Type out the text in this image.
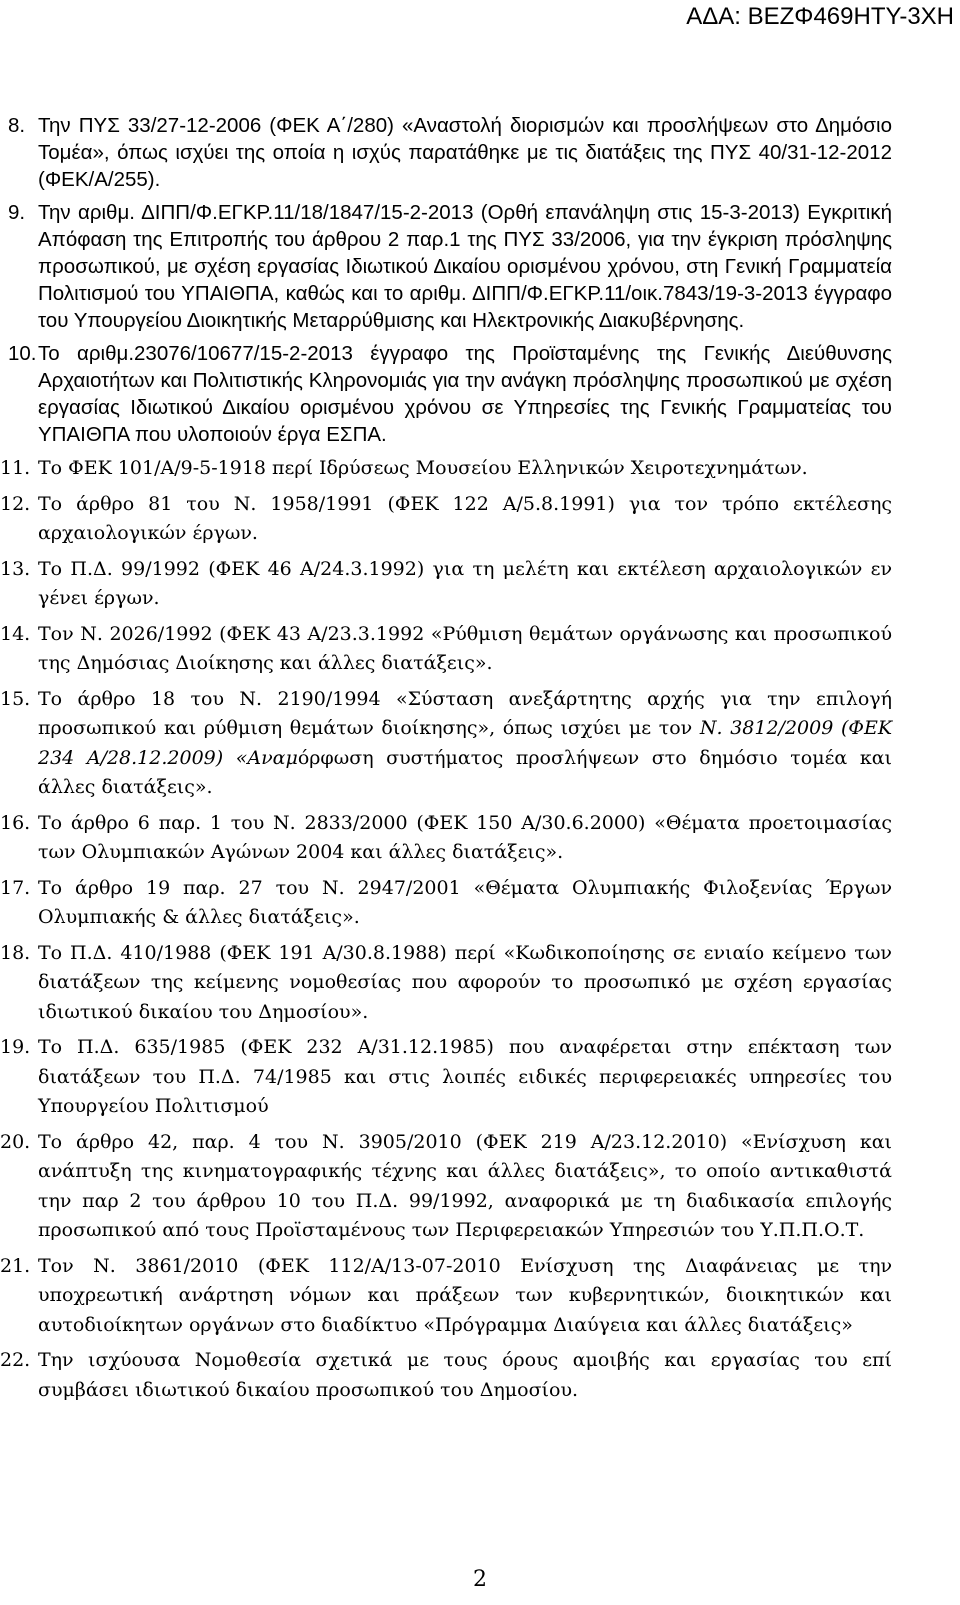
ΑΔΑ: ΒΕΖΦ469ΗΤΥ-3ΧΗ
8. Την ΠΥΣ 33/27-12-2006 (ΦΕΚ Α΄/280) «Αναστολή διορισμών και προσλήψεων στο Δημόσιο Τομέα», όπως ισχύει της οποία η ισχύς παρατάθηκε με τις διατάξεις της ΠΥΣ 40/31-12-2012 (ΦΕΚ/Α/255).
9. Την αριθμ. ΔΙΠΠ/Φ.ΕΓΚΡ.11/18/1847/15-2-2013 (Ορθή επανάληψη στις 15-3-2013) Εγκριτική Απόφαση της Επιτροπής του άρθρου 2 παρ.1 της ΠΥΣ 33/2006, για την έγκριση πρόσληψης προσωπικού, με σχέση εργασίας Ιδιωτικού Δικαίου ορισμένου χρόνου, στη Γενική Γραμματεία Πολιτισμού του ΥΠΑΙΘΠΑ, καθώς και το αριθμ. ΔΙΠΠ/Φ.ΕΓΚΡ.11/οικ.7843/19-3-2013 έγγραφο του Υπουργείου Διοικητικής Μεταρρύθμισης και Ηλεκτρονικής Διακυβέρνησης.
10.Το αριθμ.23076/10677/15-2-2013 έγγραφο της Προϊσταμένης της Γενικής Διεύθυνσης Αρχαιοτήτων και Πολιτιστικής Κληρονομιάς για την ανάγκη πρόσληψης προσωπικού με σχέση εργασίας Ιδιωτικού Δικαίου ορισμένου χρόνου σε Υπηρεσίες της Γενικής Γραμματείας του ΥΠΑΙΘΠΑ που υλοποιούν έργα ΕΣΠΑ.
11. Το ΦΕΚ 101/Α/9-5-1918 περί Ιδρύσεως Μουσείου Ελληνικών Χειροτεχνημάτων.
12. Το άρθρο 81 του Ν. 1958/1991 (ΦΕΚ 122 Α/5.8.1991) για τον τρόπο εκτέλεσης αρχαιολογικών έργων.
13. Το Π.Δ. 99/1992 (ΦΕΚ 46 Α/24.3.1992) για τη μελέτη και εκτέλεση αρχαιολογικών εν γένει έργων.
14. Τον Ν. 2026/1992 (ΦΕΚ 43 Α/23.3.1992 «Ρύθμιση θεμάτων οργάνωσης και προσωπικού της Δημόσιας Διοίκησης και άλλες διατάξεις».
15. Το άρθρο 18 του Ν. 2190/1994 «Σύσταση ανεξάρτητης αρχής για την επιλογή προσωπικού και ρύθμιση θεμάτων διοίκησης», όπως ισχύει με τον Ν. 3812/2009 (ΦΕΚ 234 Α/28.12.2009) «Αναμόρφωση συστήματος προσλήψεων στο δημόσιο τομέα και άλλες διατάξεις».
16. Το άρθρο 6 παρ. 1 του Ν. 2833/2000 (ΦΕΚ 150 Α/30.6.2000) «Θέματα προετοιμασίας των Ολυμπιακών Αγώνων 2004 και άλλες διατάξεις».
17. Το άρθρο 19 παρ. 27 του Ν. 2947/2001 «Θέματα Ολυμπιακής Φιλοξενίας Έργων Ολυμπιακής & άλλες διατάξεις».
18. Το Π.Δ. 410/1988 (ΦΕΚ 191 Α/30.8.1988) περί «Κωδικοποίησης σε ενιαίο κείμενο των διατάξεων της κείμενης νομοθεσίας που αφορούν το προσωπικό με σχέση εργασίας ιδιωτικού δικαίου του Δημοσίου».
19. Το Π.Δ. 635/1985 (ΦΕΚ 232 Α/31.12.1985) που αναφέρεται στην επέκταση των διατάξεων του Π.Δ. 74/1985 και στις λοιπές ειδικές περιφερειακές υπηρεσίες του Υπουργείου Πολιτισμού
20. Το άρθρο 42, παρ. 4 του Ν. 3905/2010 (ΦΕΚ 219 Α/23.12.2010) «Ενίσχυση και ανάπτυξη της κινηματογραφικής τέχνης και άλλες διατάξεις», το οποίο αντικαθιστά την παρ 2 του άρθρου 10 του Π.Δ. 99/1992, αναφορικά με τη διαδικασία επιλογής προσωπικού από τους Προϊσταμένους των Περιφερειακών Υπηρεσιών του Υ.Π.Π.Ο.Τ.
21. Τον Ν. 3861/2010 (ΦΕΚ 112/Α/13-07-2010 Ενίσχυση της Διαφάνειας με την υποχρεωτική ανάρτηση νόμων και πράξεων των κυβερνητικών, διοικητικών και αυτοδιοίκητων οργάνων στο διαδίκτυο «Πρόγραμμα Διαύγεια και άλλες διατάξεις»
22. Την ισχύουσα Νομοθεσία σχετικά με τους όρους αμοιβής και εργασίας του επί συμβάσει ιδιωτικού δικαίου προσωπικού του Δημοσίου.
2
